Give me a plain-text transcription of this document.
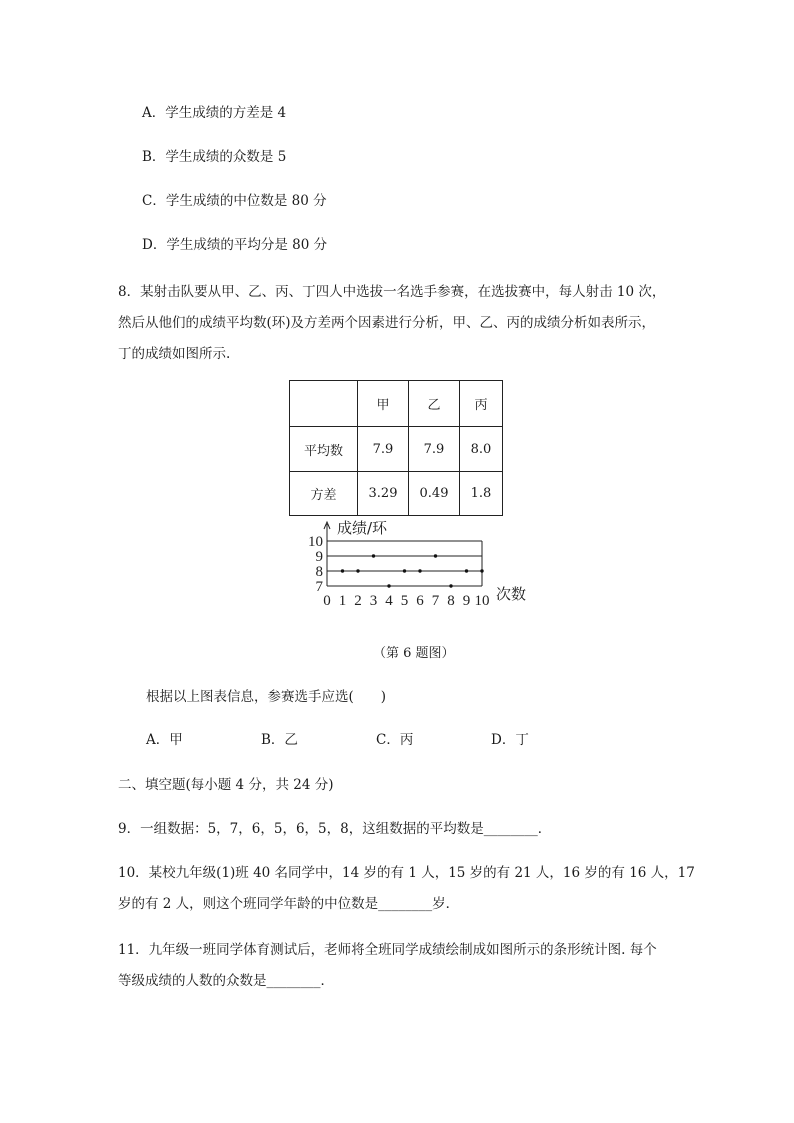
A．学生成绩的方差是 4
B．学生成绩的众数是 5
C．学生成绩的中位数是 80 分
D．学生成绩的平均分是 80 分
8．某射击队要从甲、乙、丙、丁四人中选拔一名选手参赛，在选拔赛中，每人射击 10 次，
然后从他们的成绩平均数(环)及方差两个因素进行分析，甲、乙、丙的成绩分析如表所示，
丁的成绩如图所示.
	甲	乙	丙
平均数	7.9	7.9	8.0
方差	3.29	0.49	1.8
7
8
9
10
0 1 2 3 4 5 6 7 8 9 10
成绩/环
次数
（第 6 题图）
根据以上图表信息，参赛选手应选(　　)
A．甲	B．乙	C．丙	D．丁
二、填空题(每小题 4 分，共 24 分)
9．一组数据：5，7，6，5，6，5，8，这组数据的平均数是________．
10．某校九年级(1)班 40 名同学中，14 岁的有 1 人，15 岁的有 21 人，16 岁的有 16 人，17
岁的有 2 人，则这个班同学年龄的中位数是________岁．
11．九年级一班同学体育测试后，老师将全班同学成绩绘制成如图所示的条形统计图. 每个
等级成绩的人数的众数是________．
